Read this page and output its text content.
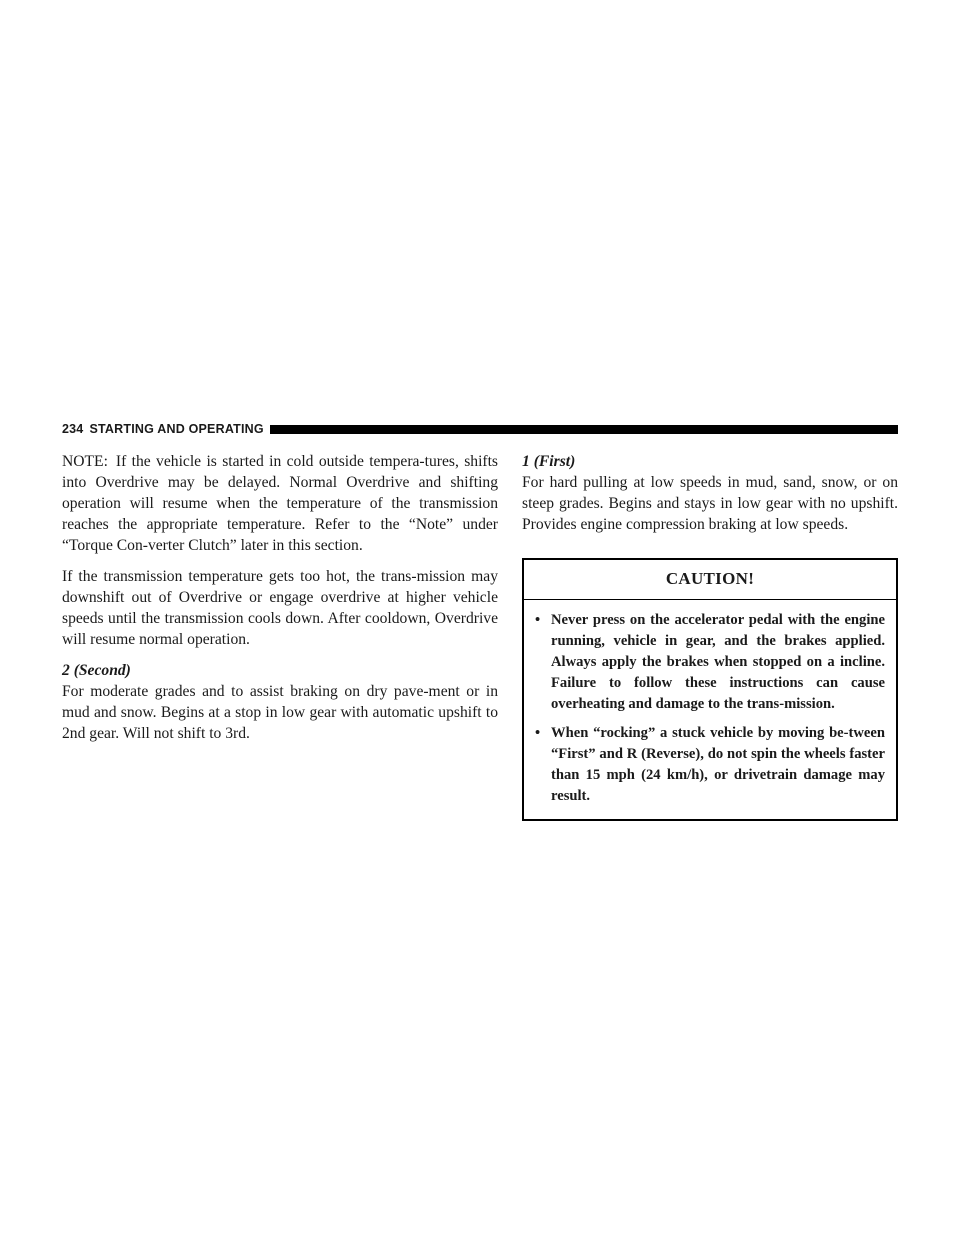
234 STARTING AND OPERATING

NOTE: If the vehicle is started in cold outside tempera-tures, shifts into Overdrive may be delayed. Normal Overdrive and shifting operation will resume when the temperature of the transmission reaches the appropriate temperature. Refer to the “Note” under “Torque Con-verter Clutch” later in this section.

If the transmission temperature gets too hot, the trans-mission may downshift out of Overdrive or engage overdrive at higher vehicle speeds until the transmission cools down. After cooldown, Overdrive will resume normal operation.

2 (Second)
For moderate grades and to assist braking on dry pave-ment or in mud and snow. Begins at a stop in low gear with automatic upshift to 2nd gear. Will not shift to 3rd.

1 (First)
For hard pulling at low speeds in mud, sand, snow, or on steep grades. Begins and stays in low gear with no upshift. Provides engine compression braking at low speeds.

CAUTION!
• Never press on the accelerator pedal with the engine running, vehicle in gear, and the brakes applied. Always apply the brakes when stopped on a incline. Failure to follow these instructions can cause overheating and damage to the trans-mission.
• When “rocking” a stuck vehicle by moving be-tween “First” and R (Reverse), do not spin the wheels faster than 15 mph (24 km/h), or drivetrain damage may result.
